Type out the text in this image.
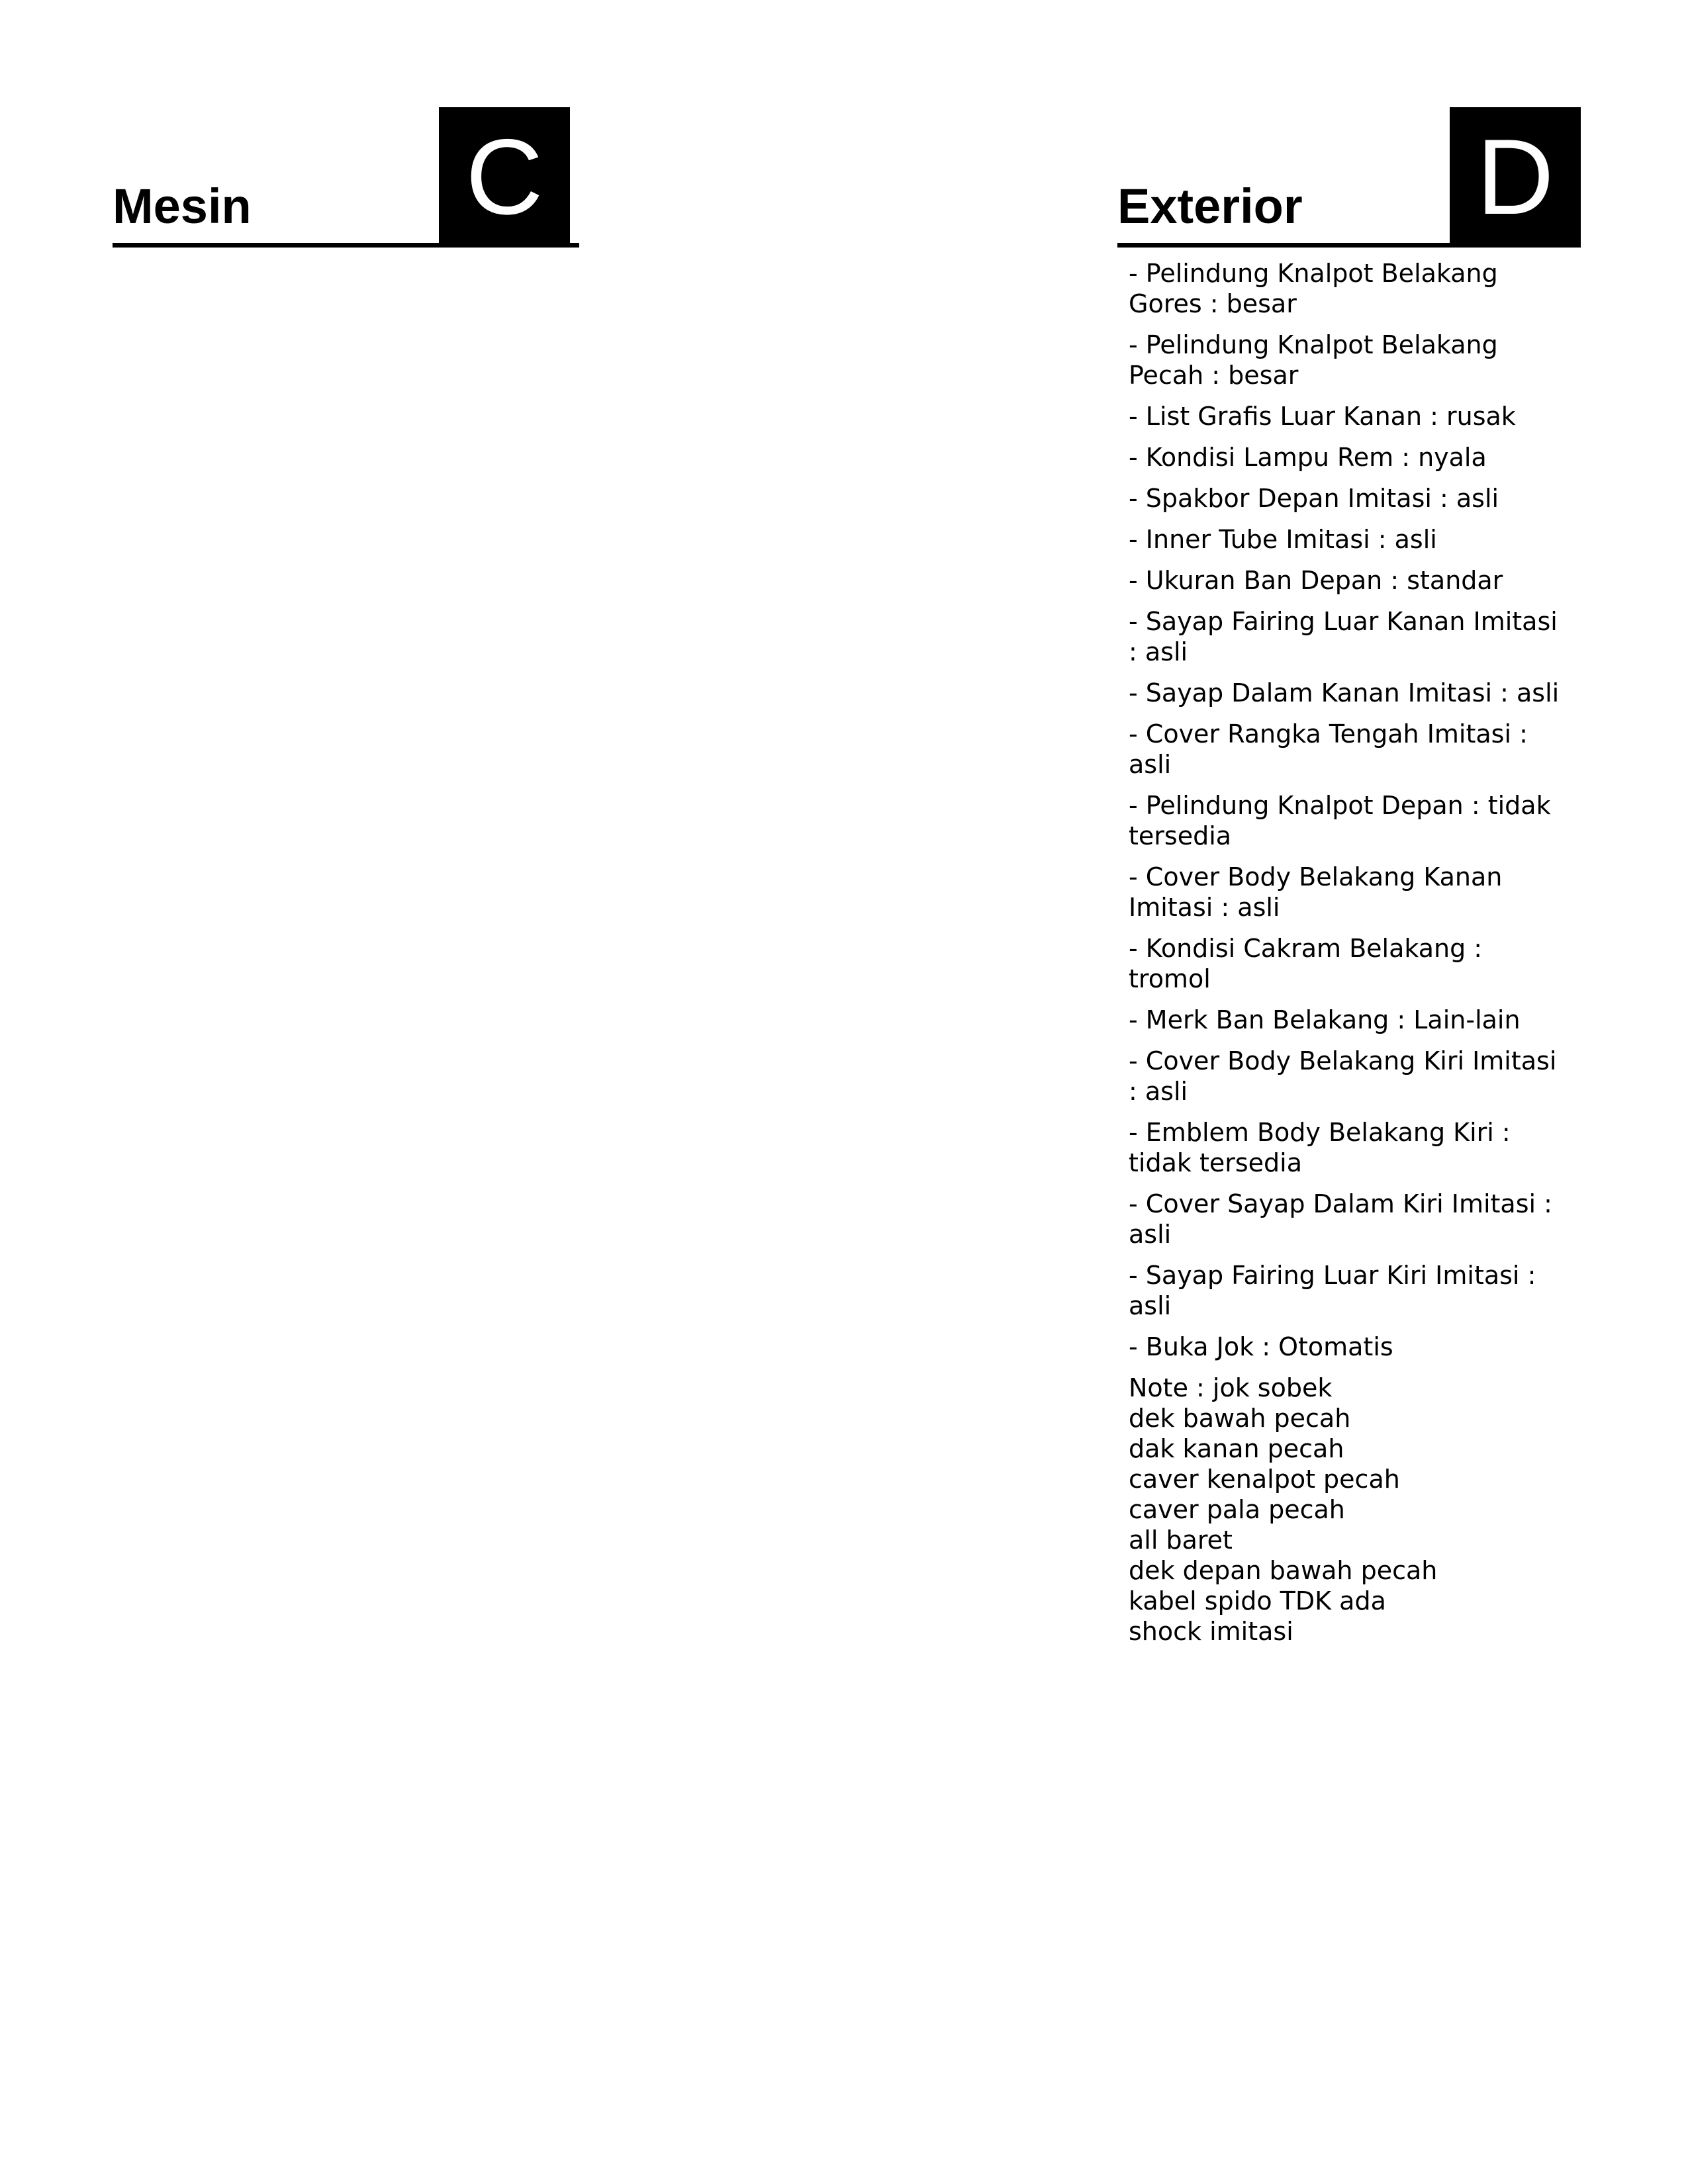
Mesin C	Exterior D
- Pelindung Knalpot Belakang Gores : besar
- Pelindung Knalpot Belakang Pecah : besar
- List Grafis Luar Kanan : rusak
- Kondisi Lampu Rem : nyala
- Spakbor Depan Imitasi : asli
- Inner Tube Imitasi : asli
- Ukuran Ban Depan : standar
- Sayap Fairing Luar Kanan Imitasi : asli
- Sayap Dalam Kanan Imitasi : asli
- Cover Rangka Tengah Imitasi : asli
- Pelindung Knalpot Depan : tidak tersedia
- Cover Body Belakang Kanan Imitasi : asli
- Kondisi Cakram Belakang : tromol
- Merk Ban Belakang : Lain-lain
- Cover Body Belakang Kiri Imitasi : asli
- Emblem Body Belakang Kiri : tidak tersedia
- Cover Sayap Dalam Kiri Imitasi : asli
- Sayap Fairing Luar Kiri Imitasi : asli
- Buka Jok : Otomatis
Note : jok sobek
dek bawah pecah
dak kanan pecah
caver kenalpot pecah
caver pala pecah
all baret
dek depan bawah pecah
kabel spido TDK ada
shock imitasi
